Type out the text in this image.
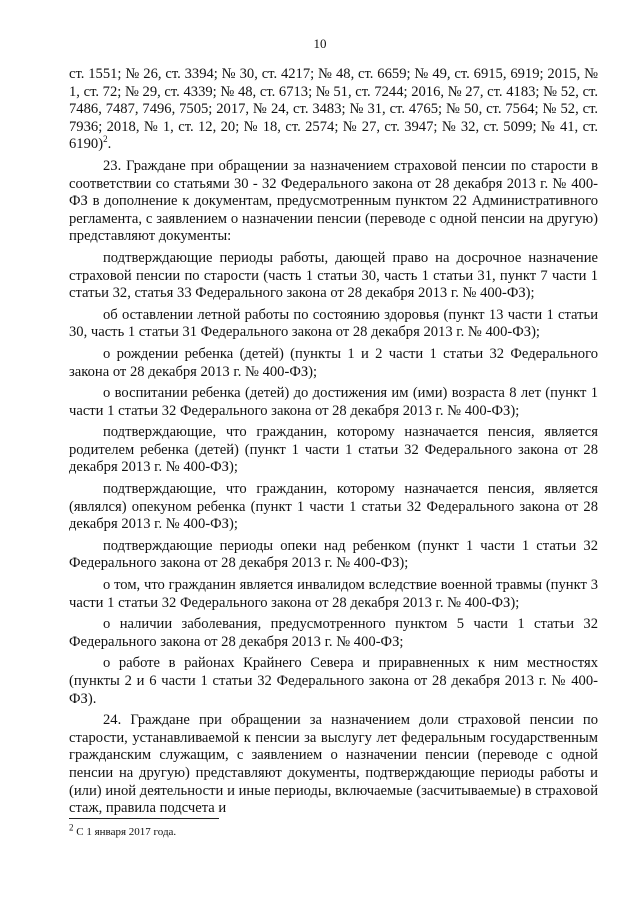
10

ст. 1551; № 26, ст. 3394; № 30, ст. 4217; № 48, ст. 6659; № 49, ст. 6915, 6919; 2015, № 1, ст. 72; № 29, ст. 4339; № 48, ст. 6713; № 51, ст. 7244; 2016, № 27, ст. 4183; № 52, ст. 7486, 7487, 7496, 7505; 2017, № 24, ст. 3483; № 31, ст. 4765; № 50, ст. 7564; № 52, ст. 7936; 2018, № 1, ст. 12, 20; № 18, ст. 2574; № 27, ст. 3947; № 32, ст. 5099; № 41, ст. 6190)$^2$.

23. Граждане при обращении за назначением страховой пенсии по старости в соответствии со статьями 30 - 32 Федерального закона от 28 декабря 2013 г. № 400-ФЗ в дополнение к документам, предусмотренным пунктом 22 Административного регламента, с заявлением о назначении пенсии (переводе с одной пенсии на другую) представляют документы:

подтверждающие периоды работы, дающей право на досрочное назначение страховой пенсии по старости (часть 1 статьи 30, часть 1 статьи 31, пункт 7 части 1 статьи 32, статья 33 Федерального закона от 28 декабря 2013 г. № 400-ФЗ);

об оставлении летной работы по состоянию здоровья (пункт 13 части 1 статьи 30, часть 1 статьи 31 Федерального закона от 28 декабря 2013 г. № 400-ФЗ);

о рождении ребенка (детей) (пункты 1 и 2 части 1 статьи 32 Федерального закона от 28 декабря 2013 г. № 400-ФЗ);

о воспитании ребенка (детей) до достижения им (ими) возраста 8 лет (пункт 1 части 1 статьи 32 Федерального закона от 28 декабря 2013 г. № 400-ФЗ);

подтверждающие, что гражданин, которому назначается пенсия, является родителем ребенка (детей) (пункт 1 части 1 статьи 32 Федерального закона от 28 декабря 2013 г. № 400-ФЗ);

подтверждающие, что гражданин, которому назначается пенсия, является (являлся) опекуном ребенка (пункт 1 части 1 статьи 32 Федерального закона от 28 декабря 2013 г. № 400-ФЗ);

подтверждающие периоды опеки над ребенком (пункт 1 части 1 статьи 32 Федерального закона от 28 декабря 2013 г. № 400-ФЗ);

о том, что гражданин является инвалидом вследствие военной травмы (пункт 3 части 1 статьи 32 Федерального закона от 28 декабря 2013 г. № 400-ФЗ);

о наличии заболевания, предусмотренного пунктом 5 части 1 статьи 32 Федерального закона от 28 декабря 2013 г. № 400-ФЗ;

о работе в районах Крайнего Севера и приравненных к ним местностях (пункты 2 и 6 части 1 статьи 32 Федерального закона от 28 декабря 2013 г. № 400-ФЗ).

24. Граждане при обращении за назначением доли страховой пенсии по старости, устанавливаемой к пенсии за выслугу лет федеральным государственным гражданским служащим, с заявлением о назначении пенсии (переводе с одной пенсии на другую) представляют документы, подтверждающие периоды работы и (или) иной деятельности и иные периоды, включаемые (засчитываемые) в страховой стаж, правила подсчета и

$^2$ С 1 января 2017 года.
